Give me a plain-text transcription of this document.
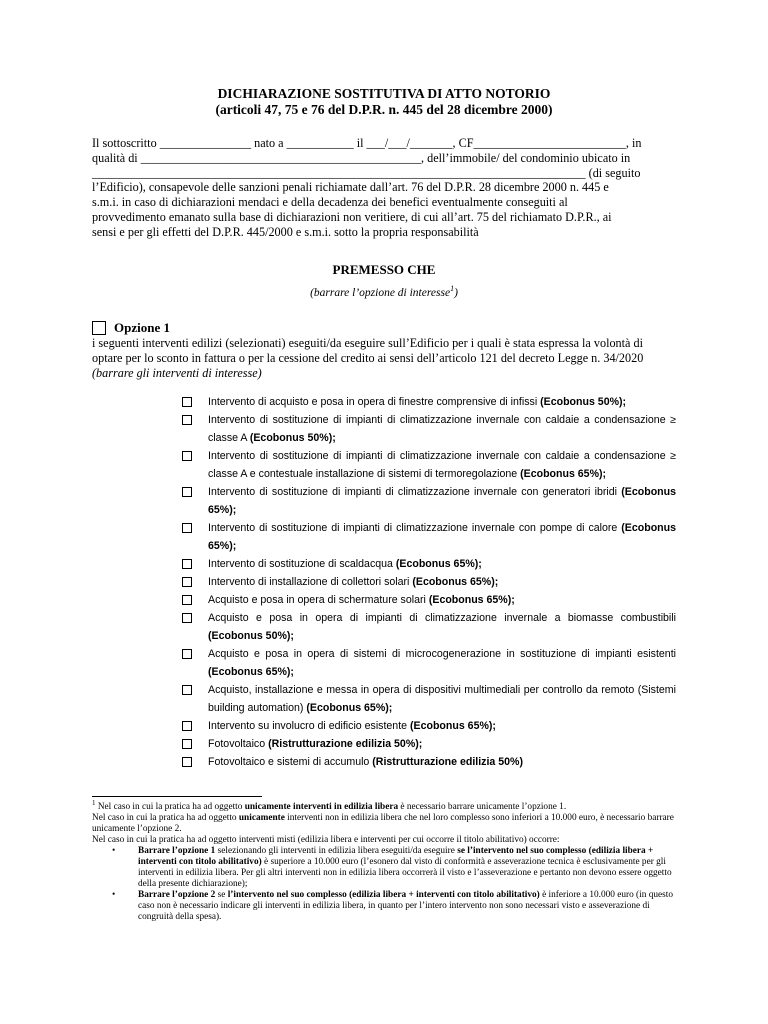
DICHIARAZIONE SOSTITUTIVA DI ATTO NOTORIO
(articoli 47, 75 e 76 del D.P.R. n. 445 del 28 dicembre 2000)

Il sottoscritto _______________ nato a ___________ il ___/___/_______, CF_________________________, in

qualità di ______________________________________________, dell’immobile/ del condominio ubicato in

_________________________________________________________________________________ (di seguito

l’Edificio), consapevole delle sanzioni penali richiamate dall’art. 76 del D.P.R. 28 dicembre 2000 n. 445 e

s.m.i. in caso di dichiarazioni mendaci e della decadenza dei benefici eventualmente conseguiti al

provvedimento emanato sulla base di dichiarazioni non veritiere, di cui all’art. 75 del richiamato D.P.R., ai

sensi e per gli effetti del D.P.R. 445/2000 e s.m.i. sotto la propria responsabilità

PREMESSO CHE
(barrare l’opzione di interesse$^1$)
Opzione 1

i seguenti interventi edilizi (selezionati) eseguiti/da eseguire sull’Edificio per i quali è stata espressa la volontà di

optare per lo sconto in fattura o per la cessione del credito ai sensi dell’articolo 121 del decreto Legge n. 34/2020

(barrare gli interventi di interesse)

Intervento di acquisto e posa in opera di finestre comprensive di infissi (Ecobonus 50%);
Intervento di sostituzione di impianti di climatizzazione invernale con caldaie a condensazione ≥ classe A (Ecobonus 50%);
Intervento di sostituzione di impianti di climatizzazione invernale con caldaie a condensazione ≥ classe A e contestuale installazione di sistemi di termoregolazione (Ecobonus 65%);
Intervento di sostituzione di impianti di climatizzazione invernale con generatori ibridi (Ecobonus 65%);
Intervento di sostituzione di impianti di climatizzazione invernale con pompe di calore (Ecobonus 65%);
Intervento di sostituzione di scaldacqua (Ecobonus 65%);
Intervento di installazione di collettori solari (Ecobonus 65%);
Acquisto e posa in opera di schermature solari (Ecobonus 65%);
Acquisto e posa in opera di impianti di climatizzazione invernale a biomasse combustibili (Ecobonus 50%);
Acquisto e posa in opera di sistemi di microcogenerazione in sostituzione di impianti esistenti (Ecobonus 65%);
Acquisto, installazione e messa in opera di dispositivi multimediali per controllo da remoto (Sistemi building automation) (Ecobonus 65%);
Intervento su involucro di edificio esistente (Ecobonus 65%);
Fotovoltaico (Ristrutturazione edilizia 50%);
Fotovoltaico e sistemi di accumulo (Ristrutturazione edilizia 50%)

$^1$ Nel caso in cui la pratica ha ad oggetto unicamente interventi in edilizia libera è necessario barrare unicamente l’opzione 1.

Nel caso in cui la pratica ha ad oggetto unicamente interventi non in edilizia libera che nel loro complesso sono inferiori a 10.000 euro, è necessario barrare unicamente l’opzione 2.

Nel caso in cui la pratica ha ad oggetto interventi misti (edilizia libera e interventi per cui occorre il titolo abilitativo) occorre:

•	Barrare l’opzione 1 selezionando gli interventi in edilizia libera eseguiti/da eseguire se l’intervento nel suo complesso (edilizia libera + interventi con titolo abilitativo) è superiore a 10.000 euro (l’esonero dal visto di conformità e asseverazione tecnica è esclusivamente per gli interventi in edilizia libera. Per gli altri interventi non in edilizia libera occorrerà il visto e l’asseverazione e pertanto non devono essere oggetto della presente dichiarazione);
•	Barrare l’opzione 2 se l’intervento nel suo complesso (edilizia libera + interventi con titolo abilitativo) è inferiore a 10.000 euro (in questo caso non è necessario indicare gli interventi in edilizia libera, in quanto per l’intero intervento non sono necessari visto e asseverazione di congruità della spesa).
